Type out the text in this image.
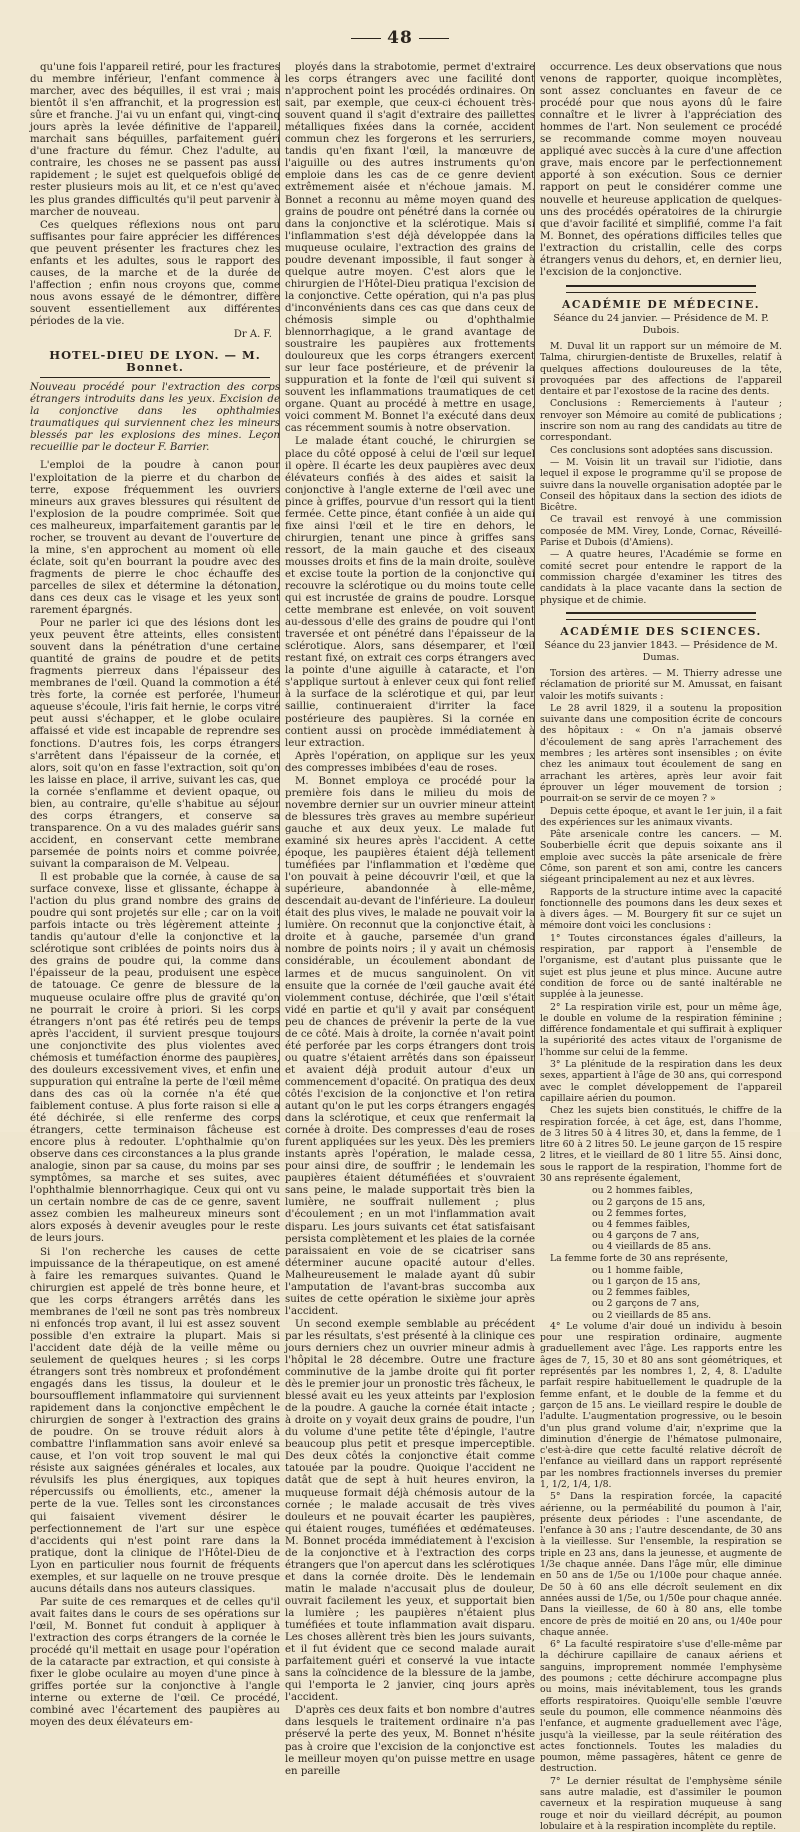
48

qu'une fois l'appareil retiré, pour les fractures du membre inférieur, l'enfant commence à marcher, avec des béquilles, il est vrai ; mais bientôt il s'en affranchit, et la progression est sûre et franche. J'ai vu un enfant qui, vingt-cinq jours après la levée définitive de l'appareil, marchait sans béquilles, parfaitement guéri d'une fracture du fémur. Chez l'adulte, au contraire, les choses ne se passent pas aussi rapidement ; le sujet est quelquefois obligé de rester plusieurs mois au lit, et ce n'est qu'avec les plus grandes difficultés qu'il peut parvenir à marcher de nouveau.

Ces quelques réflexions nous ont paru suffisantes pour faire apprécier les différences que peuvent présenter les fractures chez les enfants et les adultes, sous le rapport des causes, de la marche et de la durée de l'affection ; enfin nous croyons que, comme nous avons essayé de le démontrer, diffère souvent essentiellement aux différentes périodes de la vie.

Dr A. F.
HOTEL-DIEU DE LYON. — M. Bonnet.

Nouveau procédé pour l'extraction des corps étrangers introduits dans les yeux. Excision de la conjonctive dans les ophthalmies traumatiques qui surviennent chez les mineurs blessés par les explosions des mines. Leçon recueillie par le docteur F. Barrier.

L'emploi de la poudre à canon pour l'exploitation de la pierre et du charbon de terre, expose fréquemment les ouvriers mineurs aux graves blessures qui résultent de l'explosion de la poudre comprimée. Soit que ces malheureux, imparfaitement garantis par le rocher, se trouvent au devant de l'ouverture de la mine, s'en approchent au moment où elle éclate, soit qu'en bourrant la poudre avec des fragments de pierre le choc échauffe des parcelles de silex et détermine la détonation, dans ces deux cas le visage et les yeux sont rarement épargnés.

Pour ne parler ici que des lésions dont les yeux peuvent être atteints, elles consistent souvent dans la pénétration d'une certaine quantité de grains de poudre et de petits fragments pierreux dans l'épaisseur des membranes de l'œil. Quand la commotion a été très forte, la cornée est perforée, l'humeur aqueuse s'écoule, l'iris fait hernie, le corps vitré peut aussi s'échapper, et le globe oculaire affaissé et vide est incapable de reprendre ses fonctions. D'autres fois, les corps étrangers s'arrêtent dans l'épaisseur de la cornée, et alors, soit qu'on en fasse l'extraction, soit qu'on les laisse en place, il arrive, suivant les cas, que la cornée s'enflamme et devient opaque, ou bien, au contraire, qu'elle s'habitue au séjour des corps étrangers, et conserve sa transparence. On a vu des malades guérir sans accident, en conservant cette membrane parsemée de points noirs et comme poivrée, suivant la comparaison de M. Velpeau.

Il est probable que la cornée, à cause de sa surface convexe, lisse et glissante, échappe à l'action du plus grand nombre des grains de poudre qui sont projetés sur elle ; car on la voit parfois intacte ou très légèrement atteinte ; tandis qu'autour d'elle la conjonctive et la sclérotique sont criblées de points noirs dus à des grains de poudre qui, la comme dans l'épaisseur de la peau, produisent une espèce de tatouage. Ce genre de blessure de la muqueuse oculaire offre plus de gravité qu'on ne pourrait le croire à priori. Si les corps étrangers n'ont pas été retirés peu de temps après l'accident, il survient presque toujours une conjonctivite des plus violentes avec chémosis et tuméfaction énorme des paupières, des douleurs excessivement vives, et enfin une suppuration qui entraîne la perte de l'œil même dans des cas où la cornée n'a été que faiblement contuse. A plus forte raison si elle a été déchirée, si elle renferme des corps étrangers, cette terminaison fâcheuse est encore plus à redouter. L'ophthalmie qu'on observe dans ces circonstances a la plus grande analogie, sinon par sa cause, du moins par ses symptômes, sa marche et ses suites, avec l'ophthalmie blennorrhagique. Ceux qui ont vu un certain nombre de cas de ce genre, savent assez combien les malheureux mineurs sont alors exposés à devenir aveugles pour le reste de leurs jours.

Si l'on recherche les causes de cette impuissance de la thérapeutique, on est amené à faire les remarques suivantes. Quand le chirurgien est appelé de très bonne heure, et que les corps étrangers arrêtés dans les membranes de l'œil ne sont pas très nombreux ni enfoncés trop avant, il lui est assez souvent possible d'en extraire la plupart. Mais si l'accident date déjà de la veille même ou seulement de quelques heures ; si les corps étrangers sont très nombreux et profondément engagés dans les tissus, la douleur et le boursoufflement inflammatoire qui surviennent rapidement dans la conjonctive empêchent le chirurgien de songer à l'extraction des grains de poudre. On se trouve réduit alors à combattre l'inflammation sans avoir enlevé sa cause, et l'on voit trop souvent le mal qui résiste aux saignées générales et locales, aux révulsifs les plus énergiques, aux topiques répercussifs ou émollients, etc., amener la perte de la vue. Telles sont les circonstances qui faisaient vivement désirer le perfectionnement de l'art sur une espèce d'accidents qui n'est point rare dans la pratique, dont la clinique de l'Hôtel-Dieu de Lyon en particulier nous fournit de fréquents exemples, et sur laquelle on ne trouve presque aucuns détails dans nos auteurs classiques.

Par suite de ces remarques et de celles qu'il avait faites dans le cours de ses opérations sur l'œil, M. Bonnet fut conduit à appliquer à l'extraction des corps étrangers de la cornée le procédé qu'il mettait en usage pour l'opération de la cataracte par extraction, et qui consiste à fixer le globe oculaire au moyen d'une pince à griffes portée sur la conjonctive à l'angle interne ou externe de l'œil. Ce procédé, combiné avec l'écartement des paupières au moyen des deux élévateurs em-

ployés dans la strabotomie, permet d'extraire les corps étrangers avec une facilité dont n'approchent point les procédés ordinaires. On sait, par exemple, que ceux-ci échouent très-souvent quand il s'agit d'extraire des paillettes métalliques fixées dans la cornée, accident commun chez les forgerons et les serruriers, tandis qu'en fixant l'œil, la manœuvre de l'aiguille ou des autres instruments qu'on emploie dans les cas de ce genre devient extrêmement aisée et n'échoue jamais. M. Bonnet a reconnu au même moyen quand des grains de poudre ont pénétré dans la cornée ou dans la conjonctive et la sclérotique. Mais si l'inflammation s'est déjà développée dans la muqueuse oculaire, l'extraction des grains de poudre devenant impossible, il faut songer à quelque autre moyen. C'est alors que le chirurgien de l'Hôtel-Dieu pratiqua l'excision de la conjonctive. Cette opération, qui n'a pas plus d'inconvénients dans ces cas que dans ceux de chémosis simple ou d'ophthalmie blennorrhagique, a le grand avantage de soustraire les paupières aux frottements douloureux que les corps étrangers exercent sur leur face postérieure, et de prévenir la suppuration et la fonte de l'œil qui suivent si souvent les inflammations traumatiques de cet organe. Quant au procédé à mettre en usage, voici comment M. Bonnet l'a exécuté dans deux cas récemment soumis à notre observation.

Le malade étant couché, le chirurgien se place du côté opposé à celui de l'œil sur lequel il opère. Il écarte les deux paupières avec deux élévateurs confiés à des aides et saisit la conjonctive à l'angle externe de l'œil avec une pince à griffes, pourvue d'un ressort qui la tient fermée. Cette pince, étant confiée à un aide qui fixe ainsi l'œil et le tire en dehors, le chirurgien, tenant une pince à griffes sans ressort, de la main gauche et des ciseaux mousses droits et fins de la main droite, soulève et excise toute la portion de la conjonctive qui recouvre la sclérotique ou du moins toute celle qui est incrustée de grains de poudre. Lorsque cette membrane est enlevée, on voit souvent au-dessous d'elle des grains de poudre qui l'ont traversée et ont pénétré dans l'épaisseur de la sclérotique. Alors, sans désemparer, et l'œil restant fixé, on extrait ces corps étrangers avec la pointe d'une aiguille à cataracte, et l'on s'applique surtout à enlever ceux qui font relief à la surface de la sclérotique et qui, par leur saillie, continueraient d'irriter la face postérieure des paupières. Si la cornée en contient aussi on procède immédiatement à leur extraction.

Après l'opération, on applique sur les yeux des compresses imbibées d'eau de roses.

M. Bonnet employa ce procédé pour la première fois dans le milieu du mois de novembre dernier sur un ouvrier mineur atteint de blessures très graves au membre supérieur gauche et aux deux yeux. Le malade fut examiné six heures après l'accident. A cette époque, les paupières étaient déjà tellement tuméfiées par l'inflammation et l'œdème que l'on pouvait à peine découvrir l'œil, et que la supérieure, abandonnée à elle-même, descendait au-devant de l'inférieure. La douleur était des plus vives, le malade ne pouvait voir la lumière. On reconnut que la conjonctive était, à droite et à gauche, parsemée d'un grand nombre de points noirs ; il y avait un chémosis considérable, un écoulement abondant de larmes et de mucus sanguinolent. On vit ensuite que la cornée de l'œil gauche avait été violemment contuse, déchirée, que l'œil s'était vidé en partie et qu'il y avait par conséquent peu de chances de prévenir la perte de la vue de ce côté. Mais à droite, la cornée n'avait point été perforée par les corps étrangers dont trois ou quatre s'étaient arrêtés dans son épaisseur et avaient déjà produit autour d'eux un commencement d'opacité. On pratiqua des deux côtés l'excision de la conjonctive et l'on retira autant qu'on le put les corps étrangers engagés dans la sclérotique, et ceux que renfermait la cornée à droite. Des compresses d'eau de roses furent appliquées sur les yeux. Dès les premiers instants après l'opération, le malade cessa, pour ainsi dire, de souffrir ; le lendemain les paupières étaient détuméfiées et s'ouvraient sans peine, le malade supportait très bien la lumière, ne souffrait nullement ; plus d'écoulement ; en un mot l'inflammation avait disparu. Les jours suivants cet état satisfaisant persista complètement et les plaies de la cornée paraissaient en voie de se cicatriser sans déterminer aucune opacité autour d'elles. Malheureusement le malade ayant dû subir l'amputation de l'avant-bras succomba aux suites de cette opération le sixième jour après l'accident.

Un second exemple semblable au précédent par les résultats, s'est présenté à la clinique ces jours derniers chez un ouvrier mineur admis à l'hôpital le 28 décembre. Outre une fracture comminutive de la jambe droite qui fit porter dès le premier jour un pronostic très fâcheux, le blessé avait eu les yeux atteints par l'explosion de la poudre. A gauche la cornée était intacte ; à droite on y voyait deux grains de poudre, l'un du volume d'une petite tête d'épingle, l'autre beaucoup plus petit et presque imperceptible. Des deux côtés la conjonctive était comme tatouée par la poudre. Quoique l'accident ne datât que de sept à huit heures environ, la muqueuse formait déjà chémosis autour de la cornée ; le malade accusait de très vives douleurs et ne pouvait écarter les paupières, qui étaient rouges, tuméfiées et œdémateuses. M. Bonnet procéda immédiatement à l'excision de la conjonctive et à l'extraction des corps étrangers que l'on apercut dans les sclérotiques et dans la cornée droite. Dès le lendemain matin le malade n'accusait plus de douleur, ouvrait facilement les yeux, et supportait bien la lumière ; les paupières n'étaient plus tuméfiées et toute inflammation avait disparu. Les choses allèrent très bien les jours suivants, et il fut évident que ce second malade aurait parfaitement guéri et conservé la vue intacte sans la coïncidence de la blessure de la jambe, qui l'emporta le 2 janvier, cinq jours après l'accident.

D'après ces deux faits et bon nombre d'autres dans lesquels le traitement ordinaire n'a pas préservé la perte des yeux, M. Bonnet n'hésite pas à croire que l'excision de la conjonctive est le meilleur moyen qu'on puisse mettre en usage en pareille

occurrence. Les deux observations que nous venons de rapporter, quoique incomplètes, sont assez concluantes en faveur de ce procédé pour que nous ayons dû le faire connaître et le livrer à l'appréciation des hommes de l'art. Non seulement ce procédé se recommande comme moyen nouveau appliqué avec succès à la cure d'une affection grave, mais encore par le perfectionnement apporté à son exécution. Sous ce dernier rapport on peut le considérer comme une nouvelle et heureuse application de quelques-uns des procédés opératoires de la chirurgie que d'avoir facilité et simplifié, comme l'a fait M. Bonnet, des opérations difficiles telles que l'extraction du cristallin, celle des corps étrangers venus du dehors, et, en dernier lieu, l'excision de la conjonctive.

ACADÉMIE DE MÉDECINE.
Séance du 24 janvier. — Présidence de M. P. Dubois.

M. Duval lit un rapport sur un mémoire de M. Talma, chirurgien-dentiste de Bruxelles, relatif à quelques affections douloureuses de la tête, provoquées par des affections de l'appareil dentaire et par l'exostose de la racine des dents.

Conclusions : Remerciements à l'auteur ; renvoyer son Mémoire au comité de publications ; inscrire son nom au rang des candidats au titre de correspondant.

Ces conclusions sont adoptées sans discussion.

— M. Voisin lit un travail sur l'idiotie, dans lequel il expose le programme qu'il se propose de suivre dans la nouvelle organisation adoptée par le Conseil des hôpitaux dans la section des idiots de Bicêtre.

Ce travail est renvoyé à une commission composée de MM. Virey, Londe, Cornac, Réveillé-Parise et Dubois (d'Amiens).

— A quatre heures, l'Académie se forme en comité secret pour entendre le rapport de la commission chargée d'examiner les titres des candidats à la place vacante dans la section de physique et de chimie.

ACADÉMIE DES SCIENCES.
Séance du 23 janvier 1843. — Présidence de M. Dumas.

Torsion des artères. — M. Thierry adresse une réclamation de priorité sur M. Amussat, en faisant valoir les motifs suivants :

Le 28 avril 1829, il a soutenu la proposition suivante dans une composition écrite de concours des hôpitaux : « On n'a jamais observé d'écoulement de sang après l'arrachement des membres ; les artères sont insensibles ; on évite chez les animaux tout écoulement de sang en arrachant les artères, après leur avoir fait éprouver un léger mouvement de torsion ; pourrait-on se servir de ce moyen ? »

Depuis cette époque, et avant le 1er juin, il a fait des expériences sur les animaux vivants.

Pâte arsenicale contre les cancers. — M. Souberbielle écrit que depuis soixante ans il emploie avec succès la pâte arsenicale de frère Côme, son parent et son ami, contre les cancers siégeant principalement au nez et aux lèvres.

Rapports de la structure intime avec la capacité fonctionnelle des poumons dans les deux sexes et à divers âges. — M. Bourgery fit sur ce sujet un mémoire dont voici les conclusions :

1° Toutes circonstances égales d'ailleurs, la respiration, par rapport à l'ensemble de l'organisme, est d'autant plus puissante que le sujet est plus jeune et plus mince. Aucune autre condition de force ou de santé inaltérable ne supplée à la jeunesse.

2° La respiration virile est, pour un même âge, le double en volume de la respiration féminine ; différence fondamentale et qui suffirait à expliquer la supériorité des actes vitaux de l'organisme de l'homme sur celui de la femme.

3° La plénitude de la respiration dans les deux sexes, appartient à l'âge de 30 ans, qui correspond avec le complet développement de l'appareil capillaire aérien du poumon.

Chez les sujets bien constitués, le chiffre de la respiration forcée, à cet âge, est, dans l'homme, de 3 litres 50 à 4 litres 30, et, dans la femme, de 1 litre 60 à 2 litres 50. Le jeune garçon de 15 respire 2 litres, et le vieillard de 80 1 litre 55. Ainsi donc, sous le rapport de la respiration, l'homme fort de 30 ans représente également,

ou 2 hommes faibles,
ou 2 garçons de 15 ans,
ou 2 femmes fortes,
ou 4 femmes faibles,
ou 4 garçons de 7 ans,
ou 4 vieillards de 85 ans.

La femme forte de 30 ans représente,

ou 1 homme faible,
ou 1 garçon de 15 ans,
ou 2 femmes faibles,
ou 2 garçons de 7 ans,
ou 2 vieillards de 85 ans.

4° Le volume d'air doué un individu à besoin pour une respiration ordinaire, augmente graduellement avec l'âge. Les rapports entre les âges de 7, 15, 30 et 80 ans sont géométriques, et représentés par les nombres 1, 2, 4, 8. L'adulte parfait respire habituellement le quadruple de la femme enfant, et le double de la femme et du garçon de 15 ans. Le vieillard respire le double de l'adulte. L'augmentation progressive, ou le besoin d'un plus grand volume d'air, n'exprime que la diminution d'énergie de l'hématose pulmonaire, c'est-à-dire que cette faculté relative décroît de l'enfance au vieillard dans un rapport représenté par les nombres fractionnels inverses du premier 1, 1/2, 1/4, 1/8.

5° Dans la respiration forcée, la capacité aérienne, ou la perméabilité du poumon à l'air, présente deux périodes : l'une ascendante, de l'enfance à 30 ans ; l'autre descendante, de 30 ans à la vieillesse. Sur l'ensemble, la respiration se triple en 23 ans, dans la jeunesse, et augmente de 1/3e chaque année. Dans l'âge mûr, elle diminue en 50 ans de 1/5e ou 1/100e pour chaque année. De 50 à 60 ans elle décroît seulement en dix années aussi de 1/5e, ou 1/50e pour chaque année. Dans la vieillesse, de 60 à 80 ans, elle tombe encore de près de moitié en 20 ans, ou 1/40e pour chaque année.

6° La faculté respiratoire s'use d'elle-même par la déchirure capillaire de canaux aériens et sanguins, improprement nommée l'emphysème des poumons ; cette déchirure accompagne plus ou moins, mais inévitablement, tous les grands efforts respiratoires. Quoiqu'elle semble l'œuvre seule du poumon, elle commence néanmoins dès l'enfance, et augmente graduellement avec l'âge, jusqu'à la vieillesse, par la seule réitération des actes fonctionnels. Toutes les maladies du poumon, même passagères, hâtent ce genre de destruction.

7° Le dernier résultat de l'emphysème sénile sans autre maladie, est d'assimiler le poumon caverneux et la respiration muqueuse à sang rouge et noir du vieillard décrépit, au poumon lobulaire et à la respiration incomplète du reptile.
